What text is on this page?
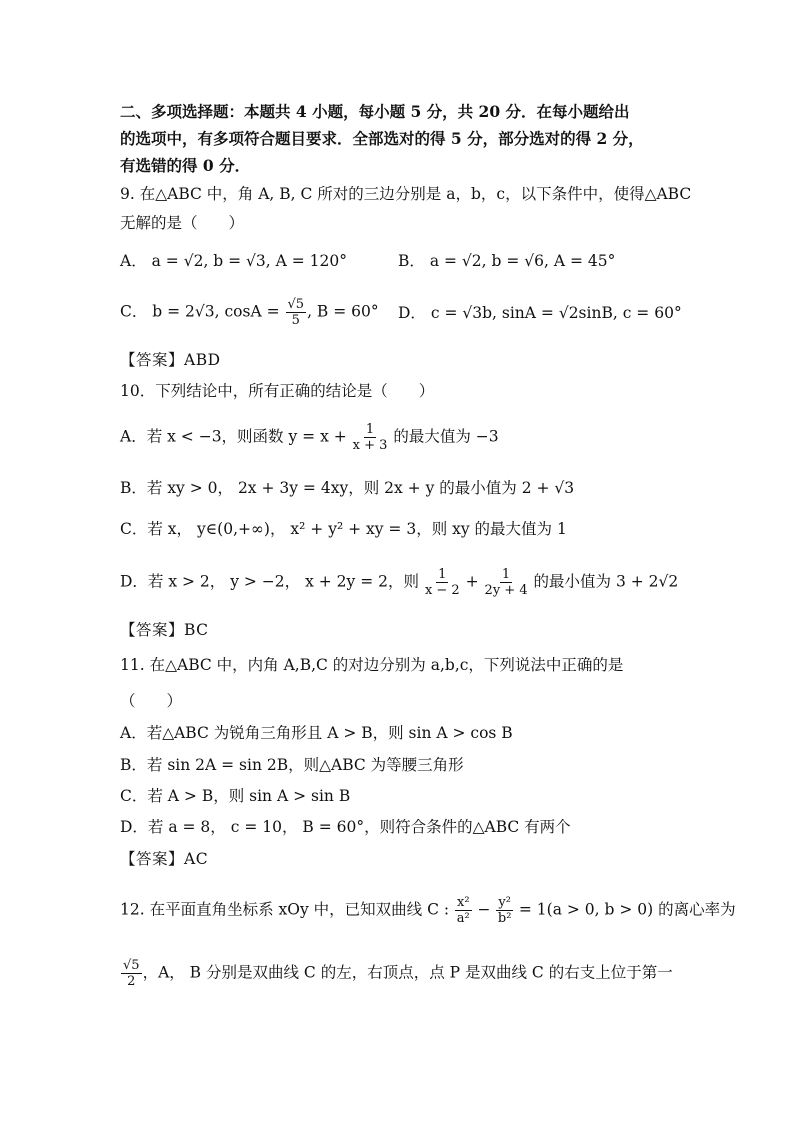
二、多项选择题：本题共 4 小题，每小题 5 分，共 20 分．在每小题给出
的选项中，有多项符合题目要求．全部选对的得 5 分，部分选对的得 2 分，
有选错的得 0 分．
9. 在△ABC 中，角 A, B, C 所对的三边分别是 a，b，c，以下条件中，使得△ABC
无解的是（　　）
A． a = √2, b = √3, A = 120°	B． a = √2, b = √6, A = 45°
C． b = 2√3, $\cos A = \frac{√5}{5}$ , B = 60° D． c = √3b, sinA = √2sinB, c = 60°
【答案】ABD
10．下列结论中，所有正确的结论是（　　）
A．若 x < −3，则函数 $y = x + \frac{1}{x + 3}$ 的最大值为 −3
B．若 xy > 0， 2x + 3y = 4xy，则 2x + y 的最小值为 2 + √3
C．若 x， y∈(0,+∞)， x² + y² + xy = 3，则 xy 的最大值为 1
D．若 x > 2， y > −2， x + 2y = 2，则 $\frac{1}{x - 2} + \frac{1}{2y + 4}$ 的最小值为 3 + 2√2
【答案】BC
11. 在△ABC 中，内角 A,B,C 的对边分别为 a,b,c，下列说法中正确的是
（　　）
A．若△ABC 为锐角三角形且 A > B，则 sin A > cos B
B．若 sin 2A = sin 2B，则△ABC 为等腰三角形
C．若 A > B，则 sin A > sin B
D．若 a = 8， c = 10， B = 60°，则符合条件的△ABC 有两个
【答案】AC
12. 在平面直角坐标系 xOy 中，已知双曲线 C : $\frac{\text{x²}}{\text{a²}} - \frac{\text{y²}}{\text{b²}} = 1(a > 0$, b > 0) 的离心率为
$\frac{√5}{2}$ ，A， B 分别是双曲线 C 的左，右顶点，点 P 是双曲线 C 的右支上位于第一
